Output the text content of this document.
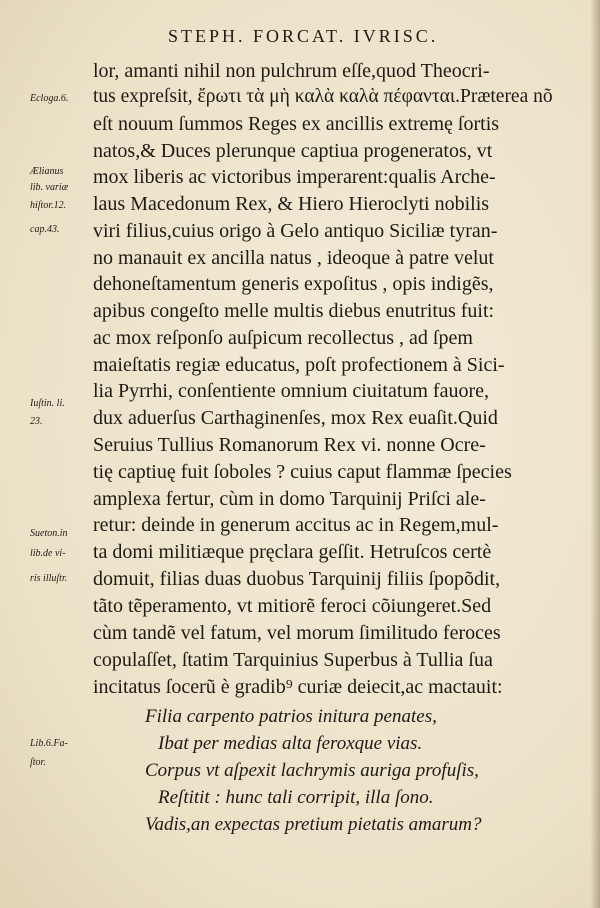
STEPH. FORCAT. IVRISC.
lor, amanti nihil non pulchrum eſſe,quod Theocri-
tus expreſsit, ἔρωτι τὰ μὴ καλὰ καλὰ πέφανται.Præterea nõ
eſt nouum ſummos Reges ex ancillis extremę ſortis
natos,& Duces plerunque captiua progeneratos, vt
mox liberis ac victoribus imperarent:qualis Arche-
laus Macedonum Rex, & Hiero Hieroclyti nobilis
viri filius,cuius origo à Gelo antiquo Siciliæ tyran-
no manauit ex ancilla natus , ideoque à patre velut
dehoneſtamentum generis expoſitus , opis indigẽs,
apibus congeſto melle multis diebus enutritus fuit:
ac mox reſponſo auſpicum recollectus , ad ſpem
maieſtatis regiæ educatus, poſt profectionem à Sici-
lia Pyrrhi, conſentiente omnium ciuitatum fauore,
dux aduerſus Carthaginenſes, mox Rex euaſit.Quid
Seruius Tullius Romanorum Rex vi. nonne Ocre-
tię captiuę fuit ſoboles ? cuius caput flammæ ſpecies
amplexa fertur, cùm in domo Tarquinij Priſci ale-
retur: deinde in generum accitus ac in Regem,mul-
ta domi militiæque pręclara geſſit. Hetruſcos certè
domuit, filias duas duobus Tarquinij filiis ſpopõdit,
tãto tẽperamento, vt mitiorẽ feroci cõiungeret.Sed
cùm tandẽ vel fatum, vel morum ſimilitudo feroces
copulaſſet, ſtatim Tarquinius Superbus à Tullia ſua
incitatus ſocerũ è gradib⁹ curiæ deiecit,ac mactauit:
Filia carpento patrios initura penates,
Ibat per medias alta feroxque vias.
Corpus vt aſpexit lachrymis auriga profuſis,
Reſtitit : hunc tali corripit, illa ſono.
Vadis,an expectas pretium pietatis amarum?
Ecloga.6.
Ælianus
lib. variæ
hiſtor.12.
cap.43.
Iuſtin. li.
23.
Sueton.in
lib.de vi-
ris illuſtr.
Lib.6.Fa-
ſtor.
